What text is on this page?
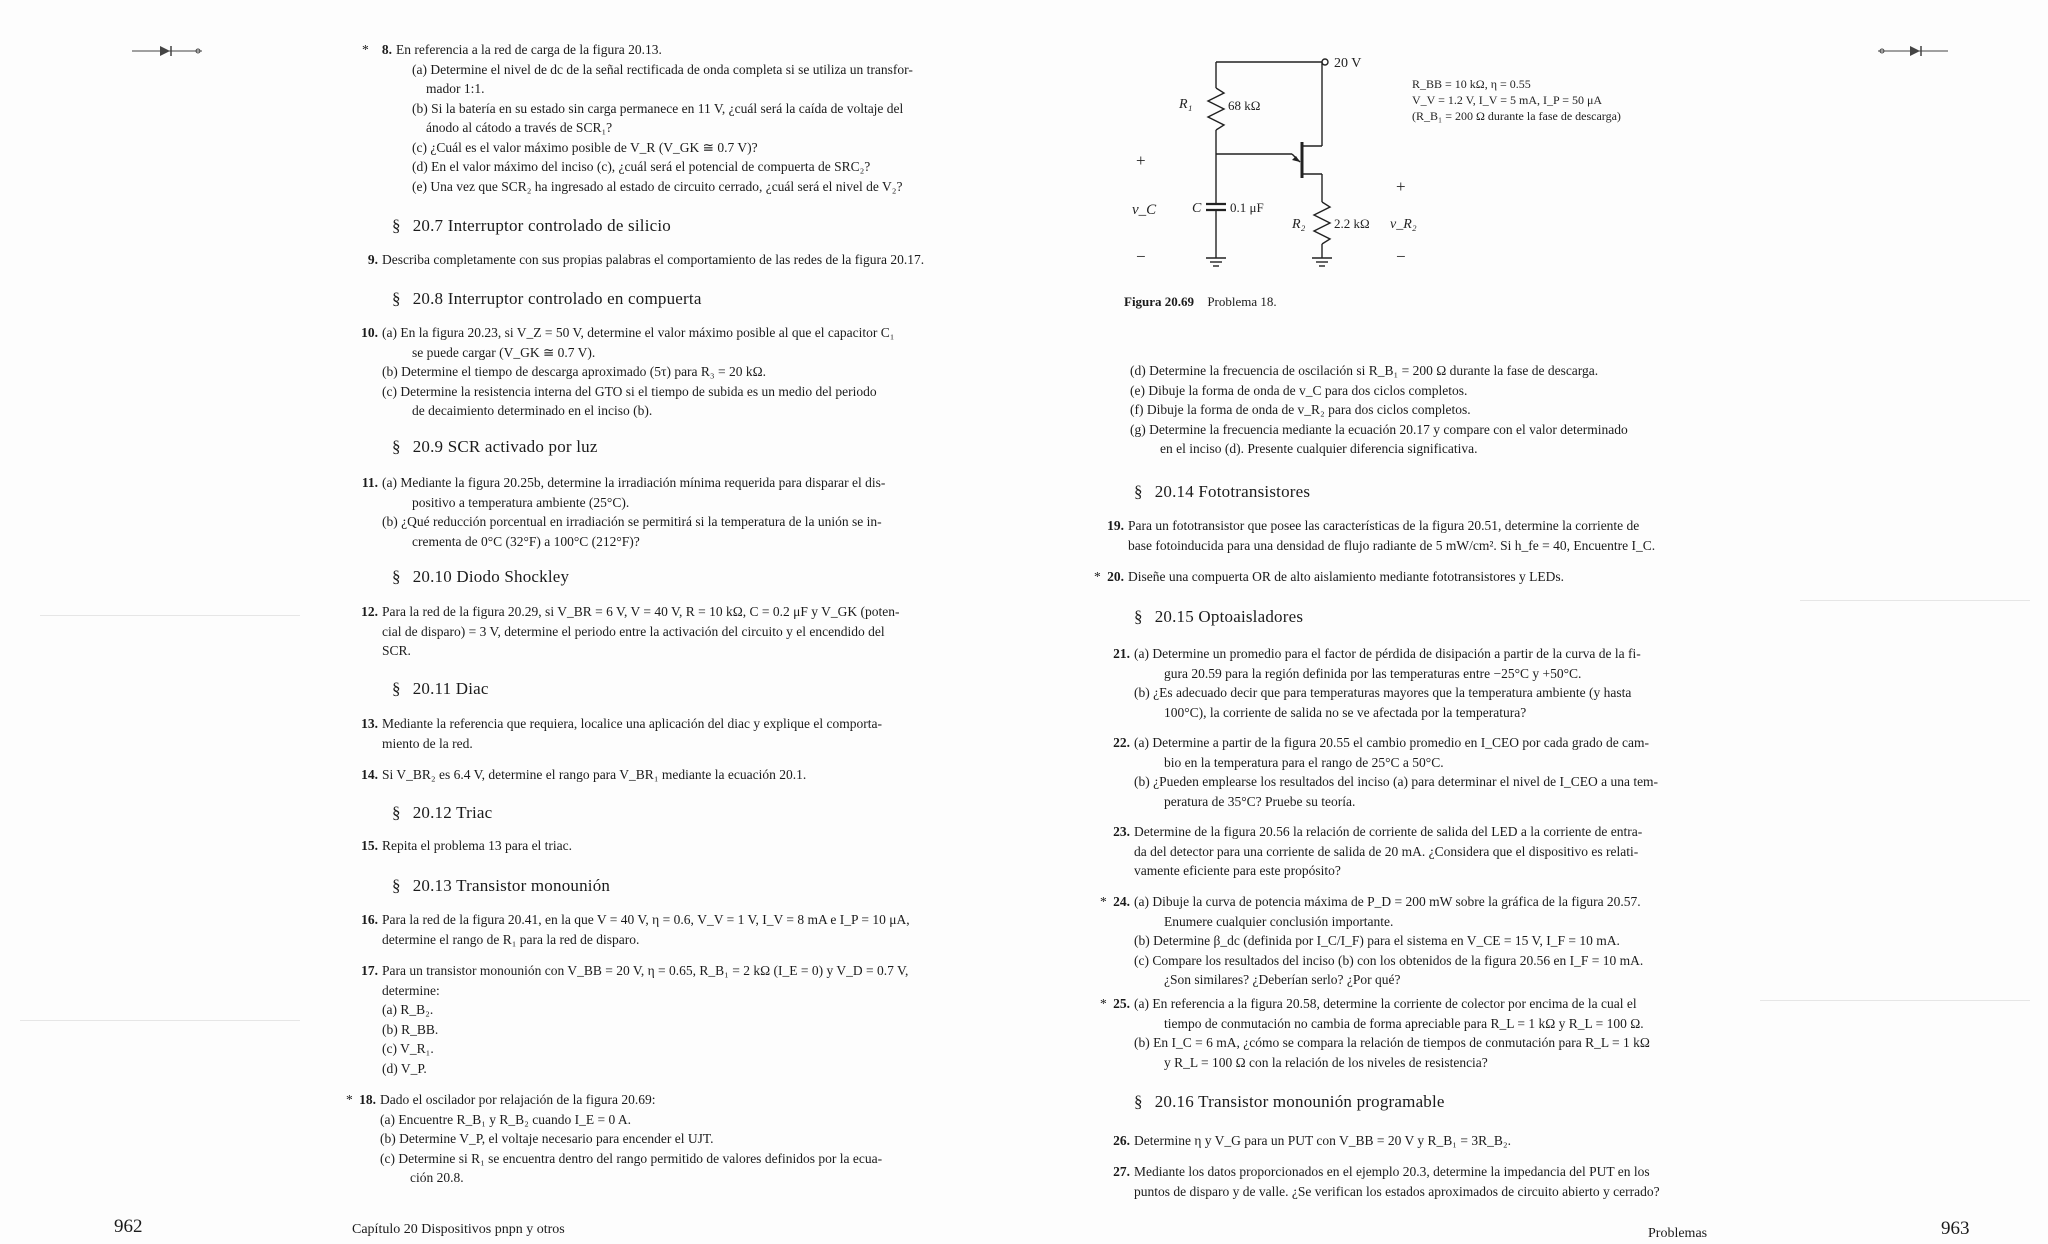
* 8. En referencia a la red de carga de la figura 20.13.
(a) Determine el nivel de dc de la señal rectificada de onda completa si se utiliza un transfor-
mador 1:1.
(b) Si la batería en su estado sin carga permanece en 11 V, ¿cuál será la caída de voltaje del
ánodo al cátodo a través de SCR₁?
(c) ¿Cuál es el valor máximo posible de V_R (V_GK ≅ 0.7 V)?
(d) En el valor máximo del inciso (c), ¿cuál será el potencial de compuerta de SRC₂?
(e) Una vez que SCR₂ ha ingresado al estado de circuito cerrado, ¿cuál será el nivel de V₂?
§ 20.7 Interruptor controlado de silicio
9. Describa completamente con sus propias palabras el comportamiento de las redes de la figura 20.17.
§ 20.8 Interruptor controlado en compuerta
10. (a) En la figura 20.23, si V_Z = 50 V, determine el valor máximo posible al que el capacitor C₁
se puede cargar (V_GK ≅ 0.7 V).
(b) Determine el tiempo de descarga aproximado (5τ) para R₃ = 20 kΩ.
(c) Determine la resistencia interna del GTO si el tiempo de subida es un medio del periodo
de decaimiento determinado en el inciso (b).
§ 20.9 SCR activado por luz
11. (a) Mediante la figura 20.25b, determine la irradiación mínima requerida para disparar el dis-
positivo a temperatura ambiente (25°C).
(b) ¿Qué reducción porcentual en irradiación se permitirá si la temperatura de la unión se in-
crementa de 0°C (32°F) a 100°C (212°F)?
§ 20.10 Diodo Shockley
12. Para la red de la figura 20.29, si V_BR = 6 V, V = 40 V, R = 10 kΩ, C = 0.2 μF y V_GK (poten-
cial de disparo) = 3 V, determine el periodo entre la activación del circuito y el encendido del
SCR.
§ 20.11 Diac
13. Mediante la referencia que requiera, localice una aplicación del diac y explique el comporta-
miento de la red.
14. Si V_BR₂ es 6.4 V, determine el rango para V_BR₁ mediante la ecuación 20.1.
§ 20.12 Triac
15. Repita el problema 13 para el triac.
§ 20.13 Transistor monounión
16. Para la red de la figura 20.41, en la que V = 40 V, η = 0.6, V_V = 1 V, I_V = 8 mA e I_P = 10 μA,
determine el rango de R₁ para la red de disparo.
17. Para un transistor monounión con V_BB = 20 V, η = 0.65, R_B₁ = 2 kΩ (I_E = 0) y V_D = 0.7 V,
determine:
(a) R_B₂.
(b) R_BB.
(c) V_R₁.
(d) V_P.
* 18. Dado el oscilador por relajación de la figura 20.69:
(a) Encuentre R_B₁ y R_B₂ cuando I_E = 0 A.
(b) Determine V_P, el voltaje necesario para encender el UJT.
(c) Determine si R₁ se encuentra dentro del rango permitido de valores definidos por la ecua-
ción 20.8.
962	Capítulo 20 Dispositivos pnpn y otros
20 V
R₁	68 kΩ
R₂ 2.2 kΩ
C 0.1 μF
+
v_C
−
+
v_R₂
−
R_BB = 10 kΩ, η = 0.55
V_V = 1.2 V, I_V = 5 mA, I_P = 50 μA
(R_B₁ = 200 Ω durante la fase de descarga)
Figura 20.69 Problema 18.
(d) Determine la frecuencia de oscilación si R_B₁ = 200 Ω durante la fase de descarga.
(e) Dibuje la forma de onda de v_C para dos ciclos completos.
(f) Dibuje la forma de onda de v_R₂ para dos ciclos completos.
(g) Determine la frecuencia mediante la ecuación 20.17 y compare con el valor determinado
en el inciso (d). Presente cualquier diferencia significativa.
§ 20.14 Fototransistores
19. Para un fototransistor que posee las características de la figura 20.51, determine la corriente de
base fotoinducida para una densidad de flujo radiante de 5 mW/cm². Si h_fe = 40, Encuentre I_C.
* 20. Diseñe una compuerta OR de alto aislamiento mediante fototransistores y LEDs.
§ 20.15 Optoaisladores
21. (a) Determine un promedio para el factor de pérdida de disipación a partir de la curva de la fi-
gura 20.59 para la región definida por las temperaturas entre −25°C y +50°C.
(b) ¿Es adecuado decir que para temperaturas mayores que la temperatura ambiente (y hasta
100°C), la corriente de salida no se ve afectada por la temperatura?
22. (a) Determine a partir de la figura 20.55 el cambio promedio en I_CEO por cada grado de cam-
bio en la temperatura para el rango de 25°C a 50°C.
(b) ¿Pueden emplearse los resultados del inciso (a) para determinar el nivel de I_CEO a una tem-
peratura de 35°C? Pruebe su teoría.
23. Determine de la figura 20.56 la relación de corriente de salida del LED a la corriente de entra-
da del detector para una corriente de salida de 20 mA. ¿Considera que el dispositivo es relati-
vamente eficiente para este propósito?
* 24. (a) Dibuje la curva de potencia máxima de P_D = 200 mW sobre la gráfica de la figura 20.57.
Enumere cualquier conclusión importante.
(b) Determine β_dc (definida por I_C/I_F) para el sistema en V_CE = 15 V, I_F = 10 mA.
(c) Compare los resultados del inciso (b) con los obtenidos de la figura 20.56 en I_F = 10 mA.
¿Son similares? ¿Deberían serlo? ¿Por qué?
* 25. (a) En referencia a la figura 20.58, determine la corriente de colector por encima de la cual el
tiempo de conmutación no cambia de forma apreciable para R_L = 1 kΩ y R_L = 100 Ω.
(b) En I_C = 6 mA, ¿cómo se compara la relación de tiempos de conmutación para R_L = 1 kΩ
y R_L = 100 Ω con la relación de los niveles de resistencia?
§ 20.16 Transistor monounión programable
26. Determine η y V_G para un PUT con V_BB = 20 V y R_B₁ = 3R_B₂.
27. Mediante los datos proporcionados en el ejemplo 20.3, determine la impedancia del PUT en los
puntos de disparo y de valle. ¿Se verifican los estados aproximados de circuito abierto y cerrado?
Problemas	963
